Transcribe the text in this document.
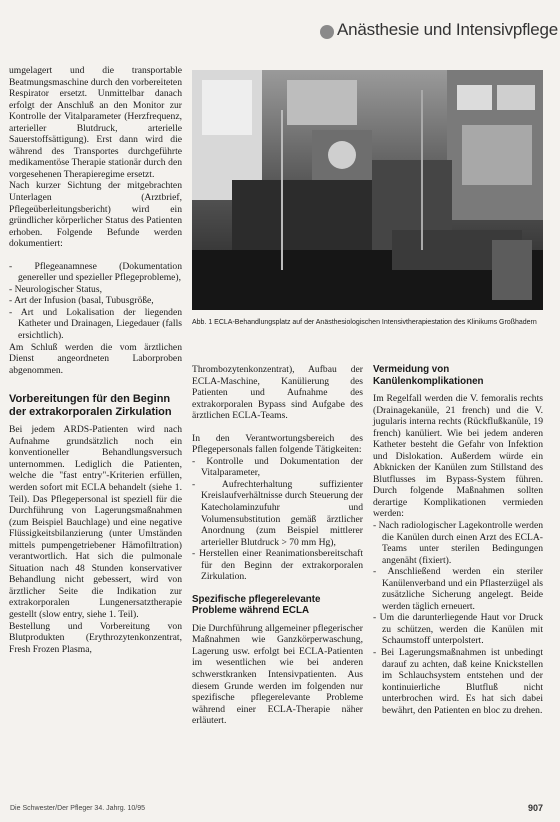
Anästhesie und Intensivpflege

umgelagert und die transportable Beatmungsmaschine durch den vorbereiteten Respirator ersetzt. Unmittelbar danach erfolgt der Anschluß an den Monitor zur Kontrolle der Vitalparameter (Herzfrequenz, arterieller Blutdruck, arterielle Sauerstoffsättigung). Erst dann wird die während des Transportes durchgeführte medikamentöse Therapie stationär durch den vorgesehenen Therapieregime ersetzt.

Nach kurzer Sichtung der mitgebrachten Unterlagen (Arztbrief, Pflegeüberleitungsbericht) wird ein gründlicher körperlicher Status des Patienten erhoben. Folgende Befunde werden dokumentiert:

- Pflegeanamnese (Dokumentation genereller und spezieller Pflegeprobleme),
- Neurologischer Status,
- Art der Infusion (basal, Tubusgröße,
- Art und Lokalisation der liegenden Katheter und Drainagen, Liegedauer (falls ersichtlich).

Am Schluß werden die vom ärztlichen Dienst angeordneten Laborproben abgenommen.

Vorbereitungen für den Beginn der extrakorporalen Zirkulation

Bei jedem ARDS-Patienten wird nach Aufnahme grundsätzlich noch ein konventioneller Behandlungsversuch unternommen. Lediglich die Patienten, welche die "fast entry"-Kriterien erfüllen, werden sofort mit ECLA behandelt (siehe 1. Teil). Das Pflegepersonal ist speziell für die Durchführung von Lagerungsmaßnahmen (zum Beispiel Bauchlage) und eine negative Flüssigkeitsbilanzierung (unter Umständen mittels pumpengetriebener Hämofiltration) verantwortlich. Hat sich die pulmonale Situation nach 48 Stunden konservativer Behandlung nicht gebessert, wird von ärztlicher Seite die Indikation zur extrakorporalen Lungenersatztherapie gestellt (slow entry, siehe 1. Teil).

Bestellung und Vorbereitung von Blutprodukten (Erythrozytenkonzentrat, Fresh Frozen Plasma,

Abb. 1 ECLA-Behandlungsplatz auf der Anästhesiologischen Intensivtherapiestation des Klinikums Großhadern

Thrombozytenkonzentrat), Aufbau der ECLA-Maschine, Kanülierung des Patienten und Aufnahme des extrakorporalen Bypass sind Aufgabe des ärztlichen ECLA-Teams.

In den Verantwortungsbereich des Pflegepersonals fallen folgende Tätigkeiten:

- Kontrolle und Dokumentation der Vitalparameter,
- Aufrechterhaltung suffizienter Kreislaufverhältnisse durch Steuerung der Katecholaminzufuhr und Volumensubstitution gemäß ärztlicher Anordnung (zum Beispiel mittlerer arterieller Blutdruck > 70 mm Hg),
- Herstellen einer Reanimationsbereitschaft für den Beginn der extrakorporalen Zirkulation.
Spezifische pflegerelevante Probleme während ECLA

Die Durchführung allgemeiner pflegerischer Maßnahmen wie Ganzkörperwaschung, Lagerung usw. erfolgt bei ECLA-Patienten im wesentlichen wie bei anderen schwerstkranken Intensivpatienten. Aus diesem Grunde werden im folgenden nur spezifische pflegerelevante Probleme während einer ECLA-Therapie näher erläutert.

Vermeidung von Kanülenkomplikationen

Im Regelfall werden die V. femoralis rechts (Drainagekanüle, 21 french) und die V. jugularis interna rechts (Rückflußkanüle, 19 french) kanüliert. Wie bei jedem anderen Katheter besteht die Gefahr von Infektion und Dislokation. Außerdem würde ein Abknicken der Kanülen zum Stillstand des Blutflusses im Bypass-System führen. Durch folgende Maßnahmen sollten derartige Komplikationen vermieden werden:

- Nach radiologischer Lagekontrolle werden die Kanülen durch einen Arzt des ECLA-Teams unter sterilen Bedingungen angenäht (fixiert).
- Anschließend werden ein steriler Kanülenverband und ein Pflasterzügel als zusätzliche Sicherung angelegt. Beide werden täglich erneuert.
- Um die darunterliegende Haut vor Druck zu schützen, werden die Kanülen mit Schaumstoff unterpolstert.
- Bei Lagerungsmaßnahmen ist unbedingt darauf zu achten, daß keine Knickstellen im Schlauchsystem entstehen und der kontinuierliche Blutfluß nicht unterbrochen wird. Es hat sich dabei bewährt, den Patienten en bloc zu drehen.
Die Schwester/Der Pfleger 34. Jahrg. 10/95	907
